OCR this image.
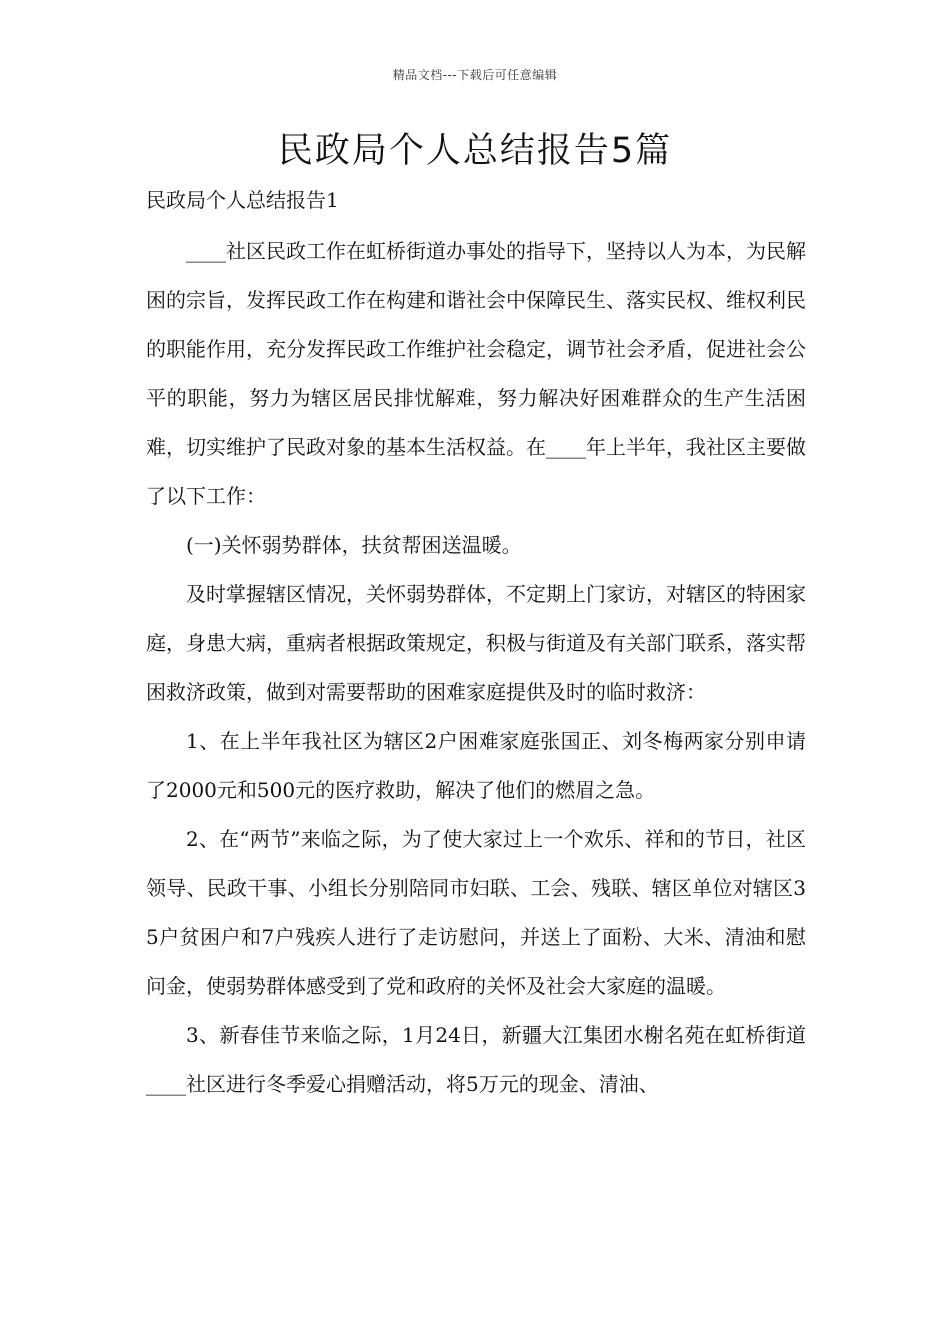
精品文档---下载后可任意编辑
民政局个人总结报告5篇
民政局个人总结报告1

____社区民政工作在虹桥街道办事处的指导下，坚持以人为本，为民解困的宗旨，发挥民政工作在构建和谐社会中保障民生、落实民权、维权利民的职能作用，充分发挥民政工作维护社会稳定，调节社会矛盾，促进社会公平的职能，努力为辖区居民排忧解难，努力解决好困难群众的生产生活困难，切实维护了民政对象的基本生活权益。在____年上半年，我社区主要做了以下工作：

(一)关怀弱势群体，扶贫帮困送温暖。

及时掌握辖区情况，关怀弱势群体，不定期上门家访，对辖区的特困家庭，身患大病，重病者根据政策规定，积极与街道及有关部门联系，落实帮困救济政策，做到对需要帮助的困难家庭提供及时的临时救济：

1、在上半年我社区为辖区2户困难家庭张国正、刘冬梅两家分别申请了2000元和500元的医疗救助，解决了他们的燃眉之急。

2、在“两节”来临之际，为了使大家过上一个欢乐、祥和的节日，社区领导、民政干事、小组长分别陪同市妇联、工会、残联、辖区单位对辖区35户贫困户和7户残疾人进行了走访慰问，并送上了面粉、大米、清油和慰问金，使弱势群体感受到了党和政府的关怀及社会大家庭的温暖。

3、新春佳节来临之际，1月24日，新疆大江集团水榭名苑在虹桥街道____社区进行冬季爱心捐赠活动，将5万元的现金、清油、
